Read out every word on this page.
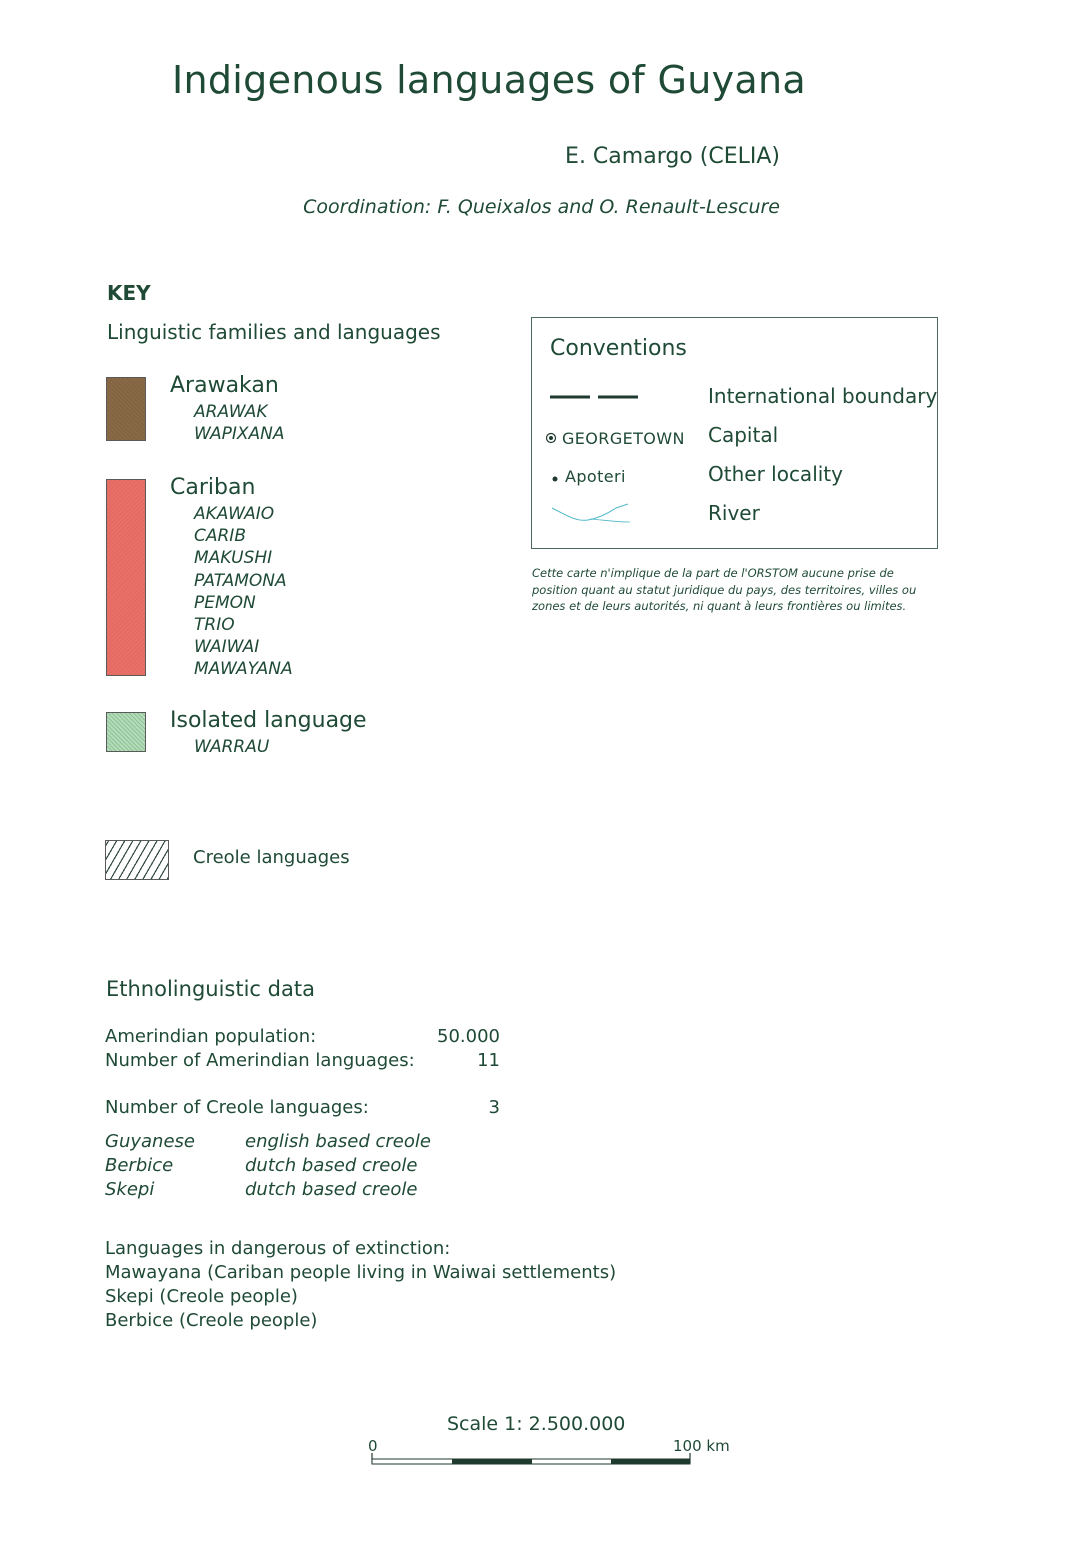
Indigenous languages of Guyana
E. Camargo (CELIA)
Coordination: F. Queixalos and O. Renault-Lescure
KEY
Linguistic families and languages
Arawakan
ARAWAK
WAPIXANA
Cariban
AKAWAIO
CARIB
MAKUSHI
PATAMONA
PEMON
TRIO
WAIWAI
MAWAYANA
Isolated language
WARRAU
Creole languages
Conventions
International boundary
GEORGETOWN Capital
Apoteri	Other locality
River
Cette carte n'implique de la part de l'ORSTOM aucune prise de position quant au statut juridique du pays, des territoires, villes ou zones et de leurs autorités, ni quant à leurs frontières ou limites.
Ethnolinguistic data
Amerindian population:	50.000
Number of Amerindian languages:	11
Number of Creole languages:	3
Guyanese	english based creole
Berbice	dutch based creole
Skepi	dutch based creole
Languages in dangerous of extinction:
Mawayana (Cariban people living in Waiwai settlements)
Skepi (Creole people)
Berbice (Creole people)
Scale 1: 2.500.000
0	100 km
